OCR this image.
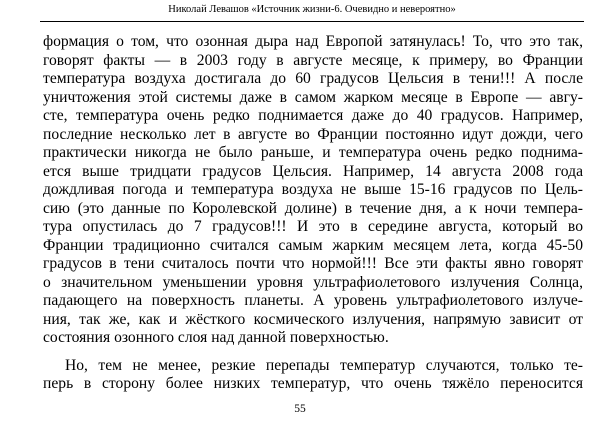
Николай Левашов «Источник жизни-6. Очевидно и невероятно»
формация о том, что озонная дыра над Европой затянулась! То, что это так,
говорят факты — в 2003 году в августе месяце, к примеру, во Франции
температура воздуха достигала до 60 градусов Цельсия в тени!!! А после
уничтожения этой системы даже в самом жарком месяце в Европе — авгу-
сте, температура очень редко поднимается даже до 40 градусов. Например,
последние несколько лет в августе во Франции постоянно идут дожди, чего
практически никогда не было раньше, и температура очень редко поднима-
ется выше тридцати градусов Цельсия. Например, 14 августа 2008 года
дождливая погода и температура воздуха не выше 15-16 градусов по Цель-
сию (это данные по Королевской долине) в течение дня, а к ночи темпера-
тура опустилась до 7 градусов!!! И это в середине августа, который во
Франции традиционно считался самым жарким месяцем лета, когда 45-50
градусов в тени считалось почти что нормой!!! Все эти факты явно говорят
о значительном уменьшении уровня ультрафиолетового излучения Солнца,
падающего на поверхность планеты. А уровень ультрафиолетового излуче-
ния, так же, как и жёсткого космического излучения, напрямую зависит от
состояния озонного слоя над данной поверхностью.
Но, тем не менее, резкие перепады температур случаются, только те-
перь в сторону более низких температур, что очень тяжёло переносится
55
